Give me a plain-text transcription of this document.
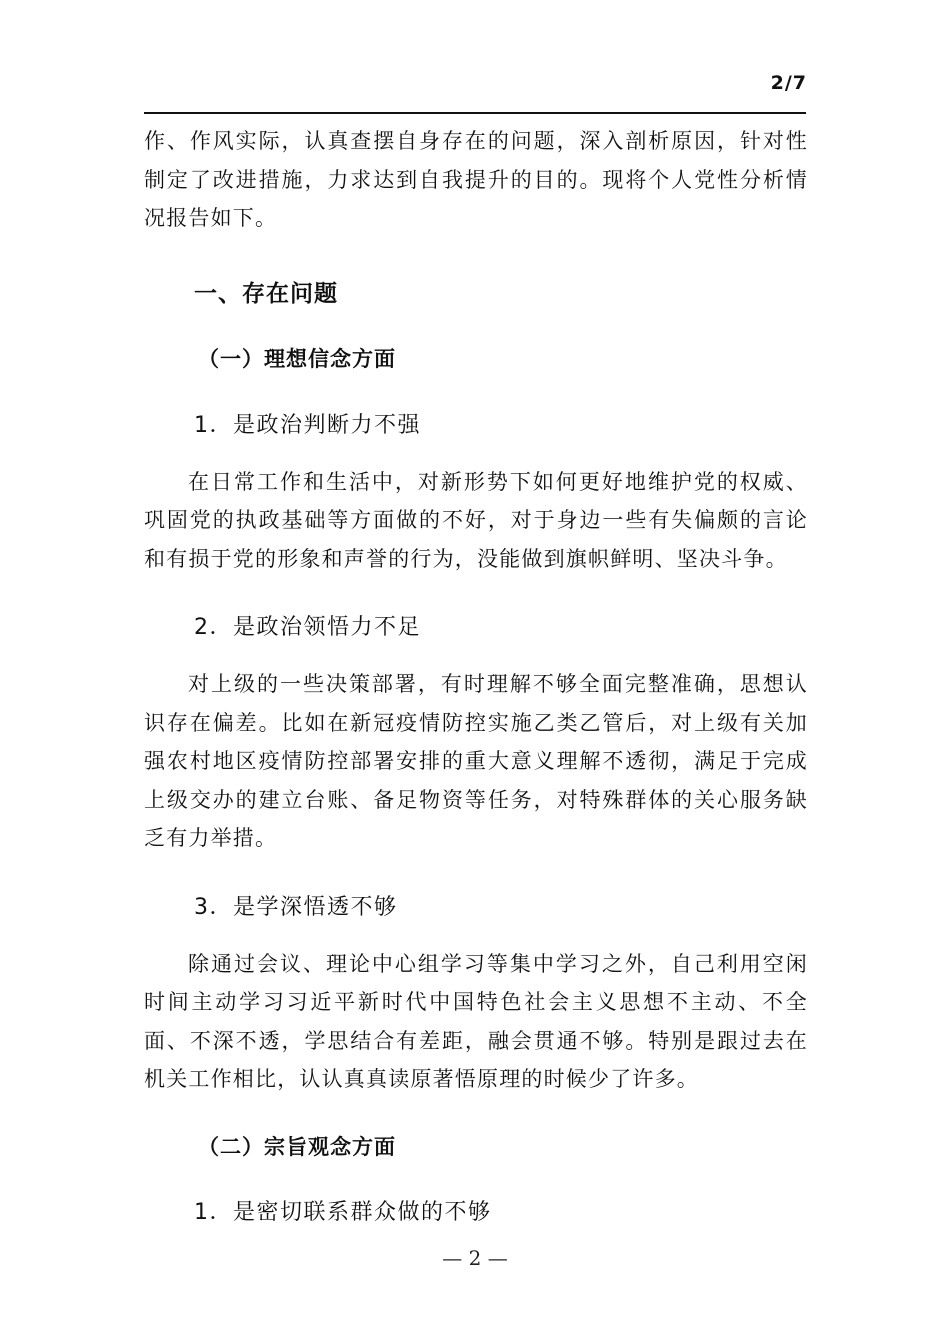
2/7

作、作风实际，认真查摆自身存在的问题，深入剖析原因，针对性制定了改进措施，力求达到自我提升的目的。现将个人党性分析情况报告如下。

一、存在问题
（一）理想信念方面
1．是政治判断力不强

在日常工作和生活中，对新形势下如何更好地维护党的权威、巩固党的执政基础等方面做的不好，对于身边一些有失偏颇的言论和有损于党的形象和声誉的行为，没能做到旗帜鲜明、坚决斗争。

2．是政治领悟力不足

对上级的一些决策部署，有时理解不够全面完整准确，思想认识存在偏差。比如在新冠疫情防控实施乙类乙管后，对上级有关加强农村地区疫情防控部署安排的重大意义理解不透彻，满足于完成上级交办的建立台账、备足物资等任务，对特殊群体的关心服务缺乏有力举措。

3．是学深悟透不够

除通过会议、理论中心组学习等集中学习之外，自己利用空闲时间主动学习习近平新时代中国特色社会主义思想不主动、不全面、不深不透，学思结合有差距，融会贯通不够。特别是跟过去在机关工作相比，认认真真读原著悟原理的时候少了许多。

（二）宗旨观念方面
1．是密切联系群众做的不够
— 2 —
